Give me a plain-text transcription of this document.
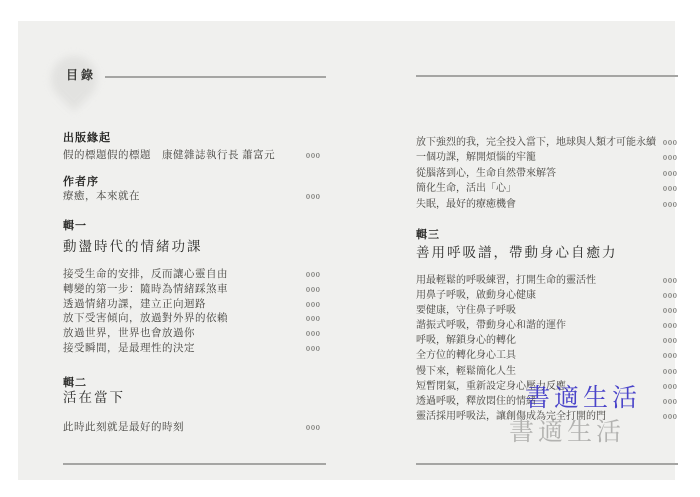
目錄
出版緣起
假的標題假的標題　康健雜誌執行長 蕭富元	000
作者序
療癒，本來就在	000
輯一
動盪時代的情緒功課
接受生命的安排，反而讓心靈自由	000
轉變的第一步：隨時為情緒踩煞車	000
透過情緒功課，建立正向迴路	000
放下受害傾向，放過對外界的依賴	000
放過世界，世界也會放過你	000
接受瞬間，是最理性的決定	000
輯二
活在當下
此時此刻就是最好的時刻	000
放下強烈的我，完全投入當下，地球與人類才可能永續 000
一個功課，解開煩惱的牢籠	000
從腦落到心，生命自然帶來解答	000
簡化生命，活出「心」	000
失眠，最好的療癒機會	000
輯三
善用呼吸譜，帶動身心自癒力
用最輕鬆的呼吸練習，打開生命的靈活性	000
用鼻子呼吸，啟動身心健康	000
要健康，守住鼻子呼吸	000
諧振式呼吸，帶動身心和諧的運作	000
呼吸，解鎖身心的轉化	000
全方位的轉化身心工具	000
慢下來，輕鬆簡化人生	000
短暫閉氣，重新設定身心壓力反應	000
透過呼吸，釋放悶住的情緒	000
靈活採用呼吸法，讓創傷成為完全打開的門	000
書適生活
書適生活
